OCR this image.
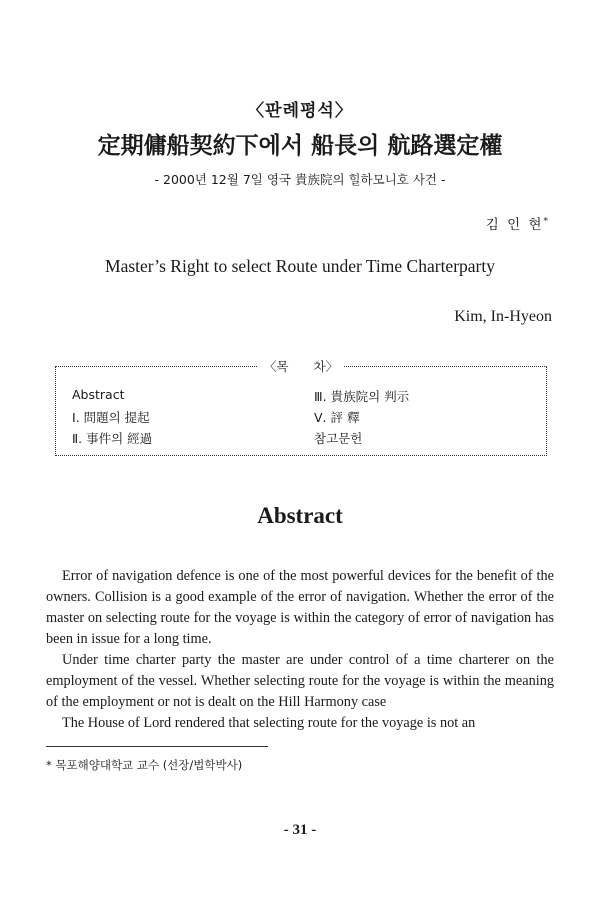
〈판례평석〉
定期傭船契約下에서 船長의 航路選定權
- 2000년 12월 7일 영국 貴族院의 힐하모니호 사건 -
김 인 현*
Master’s Right to select Route under Time Charterparty
Kim, In-Hyeon
〈목　　차〉
Abstract
Ⅰ. 問題의 提起
Ⅱ. 事件의 經過
Ⅲ. 貴族院의 判示
Ⅴ. 評 釋
참고문헌
Abstract

Error of navigation defence is one of the most powerful devices for the benefit of the owners. Collision is a good example of the error of navigation. Whether the error of the master on selecting route for the voyage is within the category of error of navigation has been in issue for a long time.

Under time charter party the master are under control of a time charterer on the employment of the vessel. Whether selecting route for the voyage is within the meaning of the employment or not is dealt on the Hill Harmony case

The House of Lord rendered that selecting route for the voyage is not an

* 목포해양대학교 교수 (선장/법학박사)
- 31 -
